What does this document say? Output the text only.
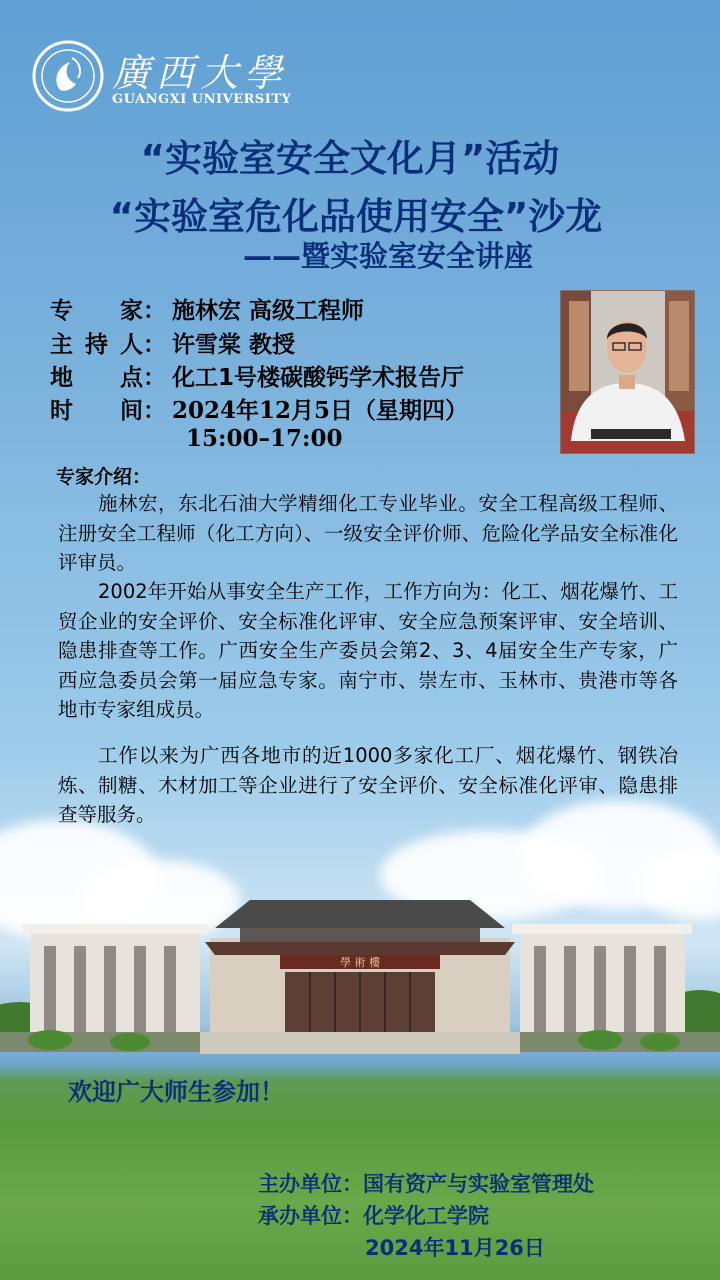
廣西大學
GUANGXI UNIVERSITY
“实验室安全文化月”活动
“实验室危化品使用安全”沙龙
——暨实验室安全讲座
专 家： 施林宏 高级工程师
主 持 人： 许雪棠 教授
地 点： 化工1号楼碳酸钙学术报告厅
时 间： 2024年12月5日（星期四）
15:00–17:00
专家介绍：
施林宏，东北石油大学精细化工专业毕业。安全工程高级工程师、注册安全工程师（化工方向）、一级安全评价师、危险化学品安全标准化评审员。
2002年开始从事安全生产工作，工作方向为：化工、烟花爆竹、工贸企业的安全评价、安全标准化评审、安全应急预案评审、安全培训、隐患排查等工作。广西安全生产委员会第2、3、4届安全生产专家，广西应急委员会第一届应急专家。南宁市、崇左市、玉林市、贵港市等各地市专家组成员。
工作以来为广西各地市的近1000多家化工厂、烟花爆竹、钢铁冶炼、制糖、木材加工等企业进行了安全评价、安全标准化评审、隐患排查等服务。
學 術 樓
欢迎广大师生参加！
主办单位：国有资产与实验室管理处
承办单位：化学化工学院
2024年11月26日
